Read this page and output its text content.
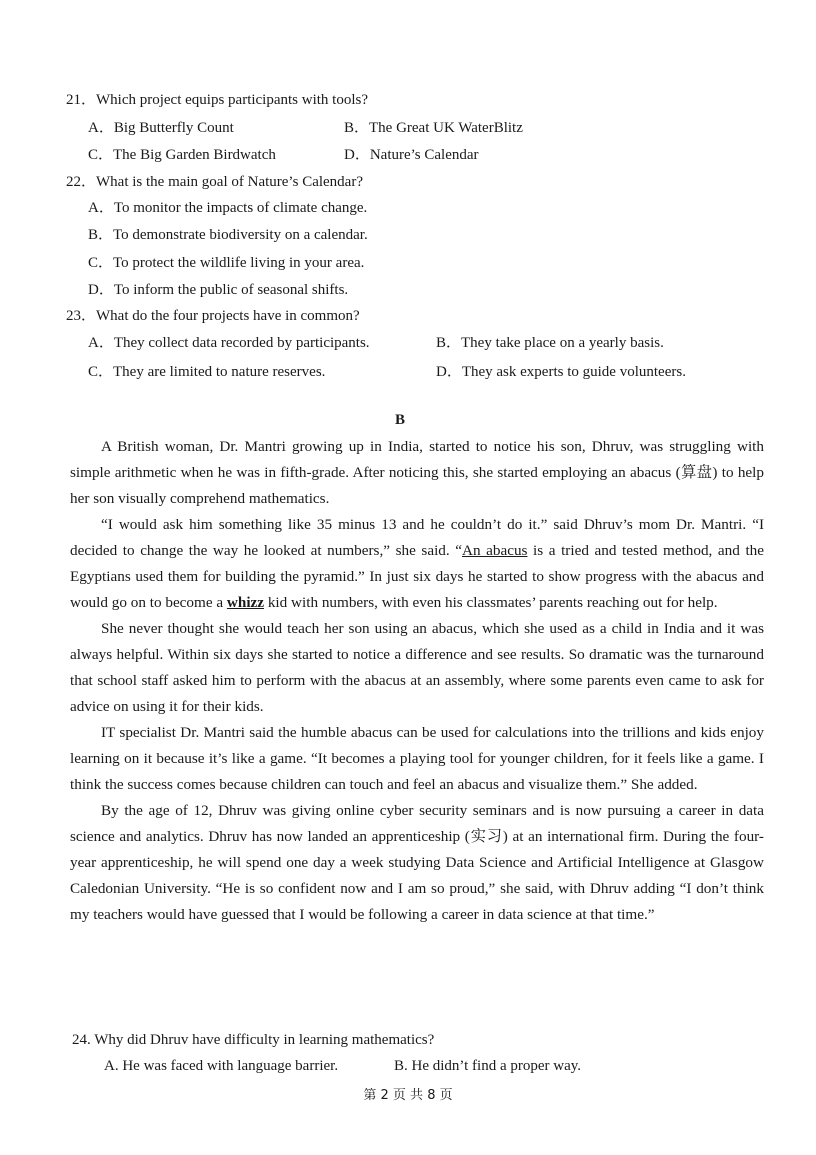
21．Which project equips participants with tools?
A．Big Butterfly Count	B．The Great UK WaterBlitz
C．The Big Garden Birdwatch	D．Nature’s Calendar
22．What is the main goal of Nature’s Calendar?
A．To monitor the impacts of climate change.
B．To demonstrate biodiversity on a calendar.
C．To protect the wildlife living in your area.
D．To inform the public of seasonal shifts.
23．What do the four projects have in common?
A．They collect data recorded by participants.	B．They take place on a yearly basis.
C．They are limited to nature reserves.	D．They ask experts to guide volunteers.
B

A British woman, Dr. Mantri growing up in India, started to notice his son, Dhruv, was struggling with simple arithmetic when he was in fifth-grade. After noticing this, she started employing an abacus (算盘) to help her son visually comprehend mathematics.

“I would ask him something like 35 minus 13 and he couldn’t do it.” said Dhruv’s mom Dr. Mantri. “I decided to change the way he looked at numbers,” she said. “An abacus is a tried and tested method, and the Egyptians used them for building the pyramid.” In just six days he started to show progress with the abacus and would go on to become a whizz kid with numbers, with even his classmates’ parents reaching out for help.

She never thought she would teach her son using an abacus, which she used as a child in India and it was always helpful. Within six days she started to notice a difference and see results. So dramatic was the turnaround that school staff asked him to perform with the abacus at an assembly, where some parents even came to ask for advice on using it for their kids.

IT specialist Dr. Mantri said the humble abacus can be used for calculations into the trillions and kids enjoy learning on it because it’s like a game. “It becomes a playing tool for younger children, for it feels like a game. I think the success comes because children can touch and feel an abacus and visualize them.” She added.

By the age of 12, Dhruv was giving online cyber security seminars and is now pursuing a career in data science and analytics. Dhruv has now landed an apprenticeship (实习) at an international firm. During the four-year apprenticeship, he will spend one day a week studying Data Science and Artificial Intelligence at Glasgow Caledonian University. “He is so confident now and I am so proud,” she said, with Dhruv adding “I don’t think my teachers would have guessed that I would be following a career in data science at that time.”

24. Why did Dhruv have difficulty in learning mathematics?
A. He was faced with language barrier.	B. He didn’t find a proper way.
第 2 页 共 8 页
